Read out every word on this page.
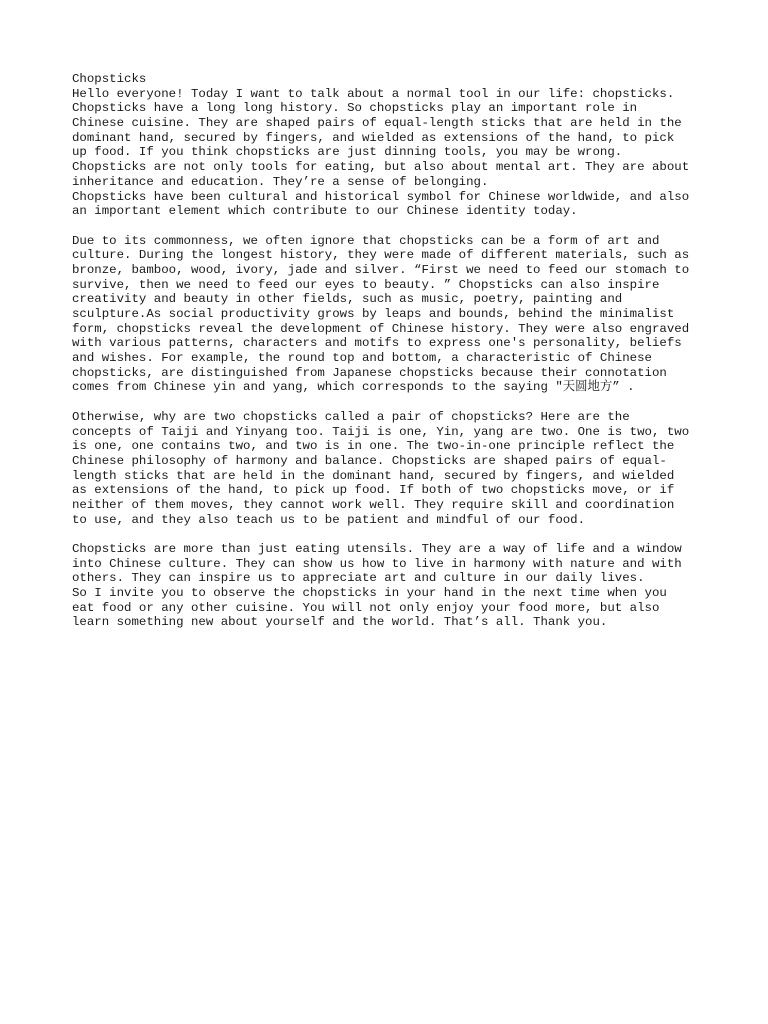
Chopsticks
Hello everyone! Today I want to talk about a normal tool in our life: chopsticks.
Chopsticks have a long long history. So chopsticks play an important role in
Chinese cuisine. They are shaped pairs of equal-length sticks that are held in the
dominant hand, secured by fingers, and wielded as extensions of the hand, to pick
up food. If you think chopsticks are just dinning tools, you may be wrong.
Chopsticks are not only tools for eating, but also about mental art. They are about
inheritance and education. They’re a sense of belonging.
Chopsticks have been cultural and historical symbol for Chinese worldwide, and also
an important element which contribute to our Chinese identity today.
Due to its commonness, we often ignore that chopsticks can be a form of art and
culture. During the longest history, they were made of different materials, such as
bronze, bamboo, wood, ivory, jade and silver. “First we need to feed our stomach to
survive, then we need to feed our eyes to beauty. ” Chopsticks can also inspire
creativity and beauty in other fields, such as music, poetry, painting and
sculpture.As social productivity grows by leaps and bounds, behind the minimalist
form, chopsticks reveal the development of Chinese history. They were also engraved
with various patterns, characters and motifs to express one's personality, beliefs
and wishes. For example, the round top and bottom, a characteristic of Chinese
chopsticks, are distinguished from Japanese chopsticks because their connotation
comes from Chinese yin and yang, which corresponds to the saying "天圆地方” .
Otherwise, why are two chopsticks called a pair of chopsticks? Here are the
concepts of Taiji and Yinyang too. Taiji is one, Yin, yang are two. One is two, two
is one, one contains two, and two is in one. The two-in-one principle reflect the
Chinese philosophy of harmony and balance. Chopsticks are shaped pairs of equal-
length sticks that are held in the dominant hand, secured by fingers, and wielded
as extensions of the hand, to pick up food. If both of two chopsticks move, or if
neither of them moves, they cannot work well. They require skill and coordination
to use, and they also teach us to be patient and mindful of our food.
Chopsticks are more than just eating utensils. They are a way of life and a window
into Chinese culture. They can show us how to live in harmony with nature and with
others. They can inspire us to appreciate art and culture in our daily lives.
So I invite you to observe the chopsticks in your hand in the next time when you
eat food or any other cuisine. You will not only enjoy your food more, but also
learn something new about yourself and the world. That’s all. Thank you.
